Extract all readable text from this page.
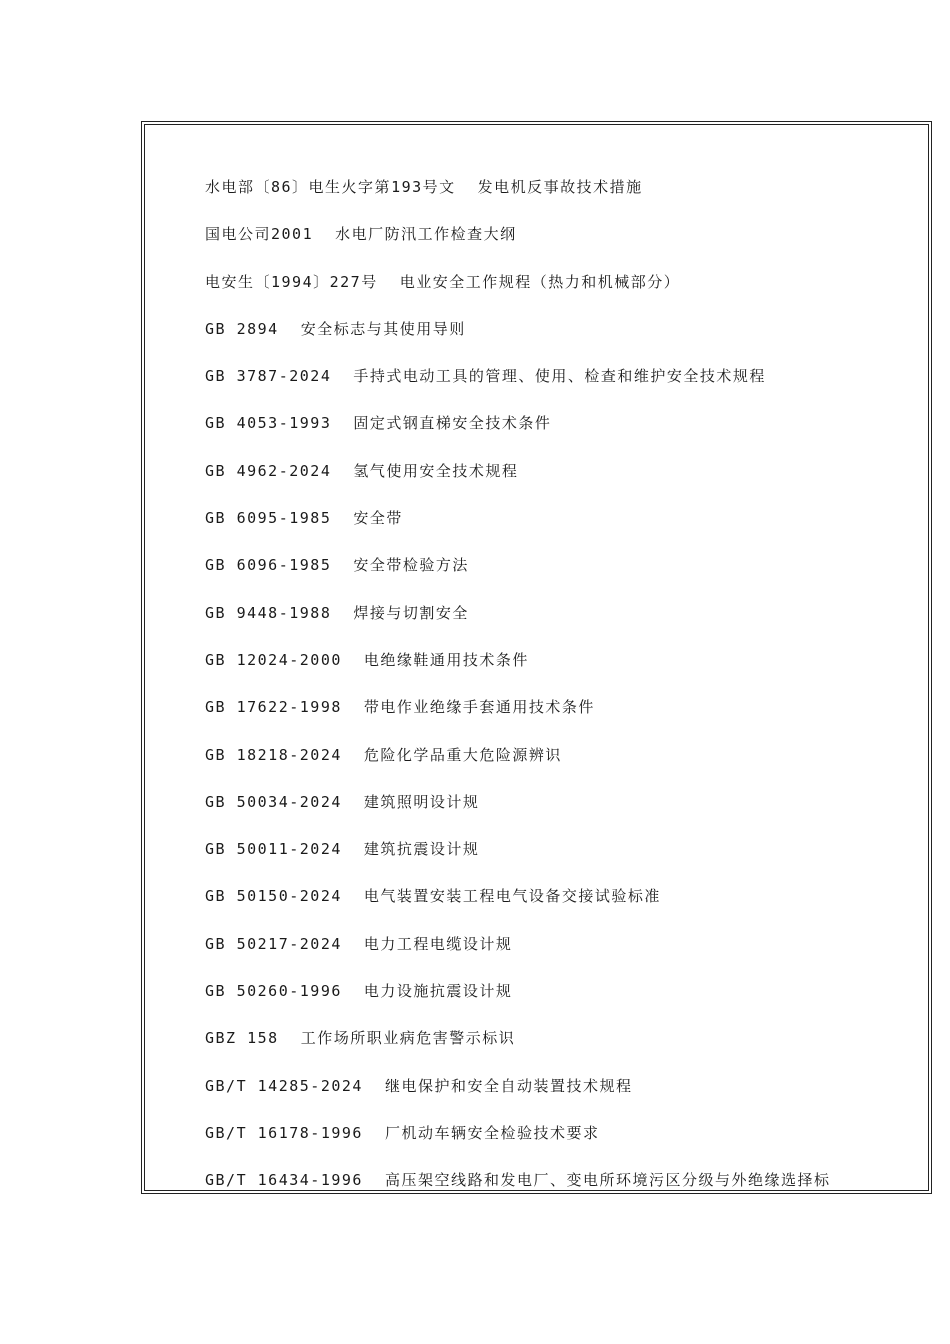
水电部〔86〕电生火字第193号文 发电机反事故技术措施
国电公司2001 水电厂防汛工作检查大纲
电安生〔1994〕227号 电业安全工作规程（热力和机械部分）
GB 2894 安全标志与其使用导则
GB 3787-2024 手持式电动工具的管理、使用、检查和维护安全技术规程
GB 4053-1993 固定式钢直梯安全技术条件
GB 4962-2024 氢气使用安全技术规程
GB 6095-1985 安全带
GB 6096-1985 安全带检验方法
GB 9448-1988 焊接与切割安全
GB 12024-2000 电绝缘鞋通用技术条件
GB 17622-1998 带电作业绝缘手套通用技术条件
GB 18218-2024 危险化学品重大危险源辨识
GB 50034-2024 建筑照明设计规
GB 50011-2024 建筑抗震设计规
GB 50150-2024 电气装置安装工程电气设备交接试验标准
GB 50217-2024 电力工程电缆设计规
GB 50260-1996 电力设施抗震设计规
GBZ 158 工作场所职业病危害警示标识
GB/T 14285-2024 继电保护和安全自动装置技术规程
GB/T 16178-1996 厂机动车辆安全检验技术要求
GB/T 16434-1996 高压架空线路和发电厂、变电所环境污区分级与外绝缘选择标
